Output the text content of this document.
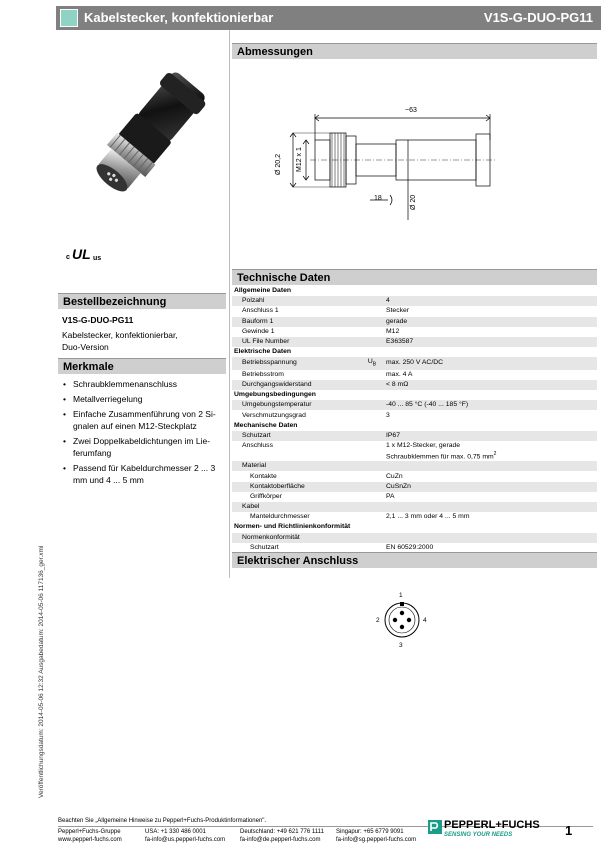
Kabelstecker, konfektionierbar	V1S-G-DUO-PG11
c UL us
Bestellbezeichnung
V1S-G-DUO-PG11
Kabelstecker, konfektionierbar,
Duo-Version
Merkmale
• Schraubklemmenanschluss
• Metallverriegelung
• Einfache Zusammenführung von 2 Si-gnalen auf einen M12-Steckplatz
• Zwei Doppelkabeldichtungen im Lie-ferumfang
• Passend für Kabeldurchmesser 2 ... 3 mm und 4 ... 5 mm
Abmessungen
~63
Ø 20,2 M12 x 1
18	Ø 20
Technische Daten
Allgemeine Daten		
Polzahl		4
Anschluss 1		Stecker
Bauform 1		gerade
Gewinde 1		M12
UL File Number		E363587
Elektrische Daten		
Betriebsspannung	$U_B$	max. 250 V AC/DC
Betriebsstrom		max. 4 A
Durchgangswiderstand		< 8 mΩ
Umgebungsbedingungen		
Umgebungstemperatur		-40 ... 85 °C (-40 ... 185 °F)
Verschmutzungsgrad		3
Mechanische Daten		
Schutzart		IP67
Anschluss		1 x M12-Stecker, gerade
Schraubklemmen für max. 0,75 $mm^2$
Material		
Kontakte		CuZn
Kontaktoberfläche		CuSnZn
Griffkörper		PA
Kabel		
Manteldurchmesser		2,1 ... 3 mm oder 4 ... 5 mm
Normen- und Richtlinienkonformität		
Normenkonformität		
Schutzart		EN 60529:2000
Elektrischer Anschluss
1
2
3
4
Veröffentlichungsdatum: 2014-05-06 12:32 Ausgabedatum: 2014-05-06 117136_ger.xml
Beachten Sie „Allgemeine Hinweise zu Pepperl+Fuchs-Produktinformationen".
Pepperl+Fuchs-Gruppe
www.pepperl-fuchs.com
USA: +1 330 486 0001
fa-info@us.pepperl-fuchs.com
Deutschland: +49 621 776 1111
fa-info@de.pepperl-fuchs.com
Singapur: +65 6779 9091
fa-info@sg.pepperl-fuchs.com
PEPPERL+FUCHS
SENSING YOUR NEEDS	1
